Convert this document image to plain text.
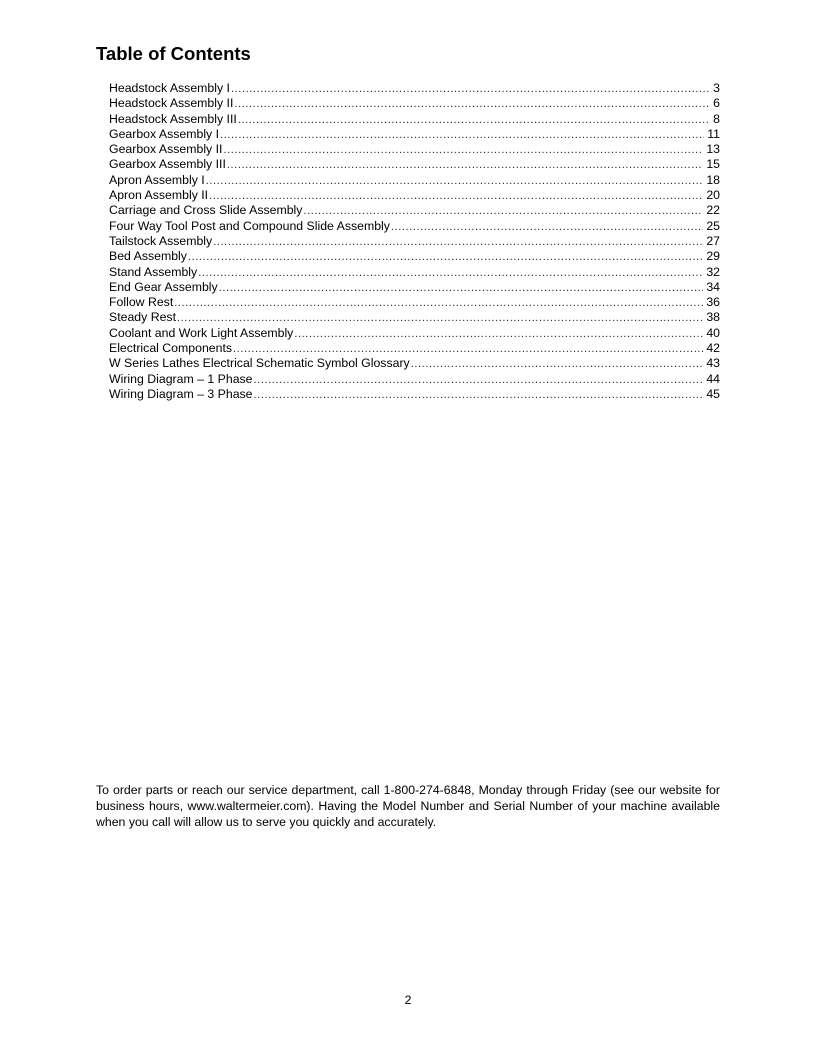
Table of Contents
Headstock Assembly I .....	3
Headstock Assembly II .....	6
Headstock Assembly III .....	8
Gearbox Assembly I .....	11
Gearbox Assembly II .....	13
Gearbox Assembly III .....	15
Apron Assembly I .....	18
Apron Assembly II .....	20
Carriage and Cross Slide Assembly .....	22
Four Way Tool Post and Compound Slide Assembly .....	25
Tailstock Assembly .....	27
Bed Assembly .....	29
Stand Assembly .....	32
End Gear Assembly .....	34
Follow Rest .....	36
Steady Rest .....	38
Coolant and Work Light Assembly .....	40
Electrical Components .....	42
W Series Lathes Electrical Schematic Symbol Glossary .....	43
Wiring Diagram – 1 Phase .....	44
Wiring Diagram – 3 Phase .....	45

To order parts or reach our service department, call 1-800-274-6848, Monday through Friday (see our website for business hours, www.waltermeier.com). Having the Model Number and Serial Number of your machine available when you call will allow us to serve you quickly and accurately.

2
